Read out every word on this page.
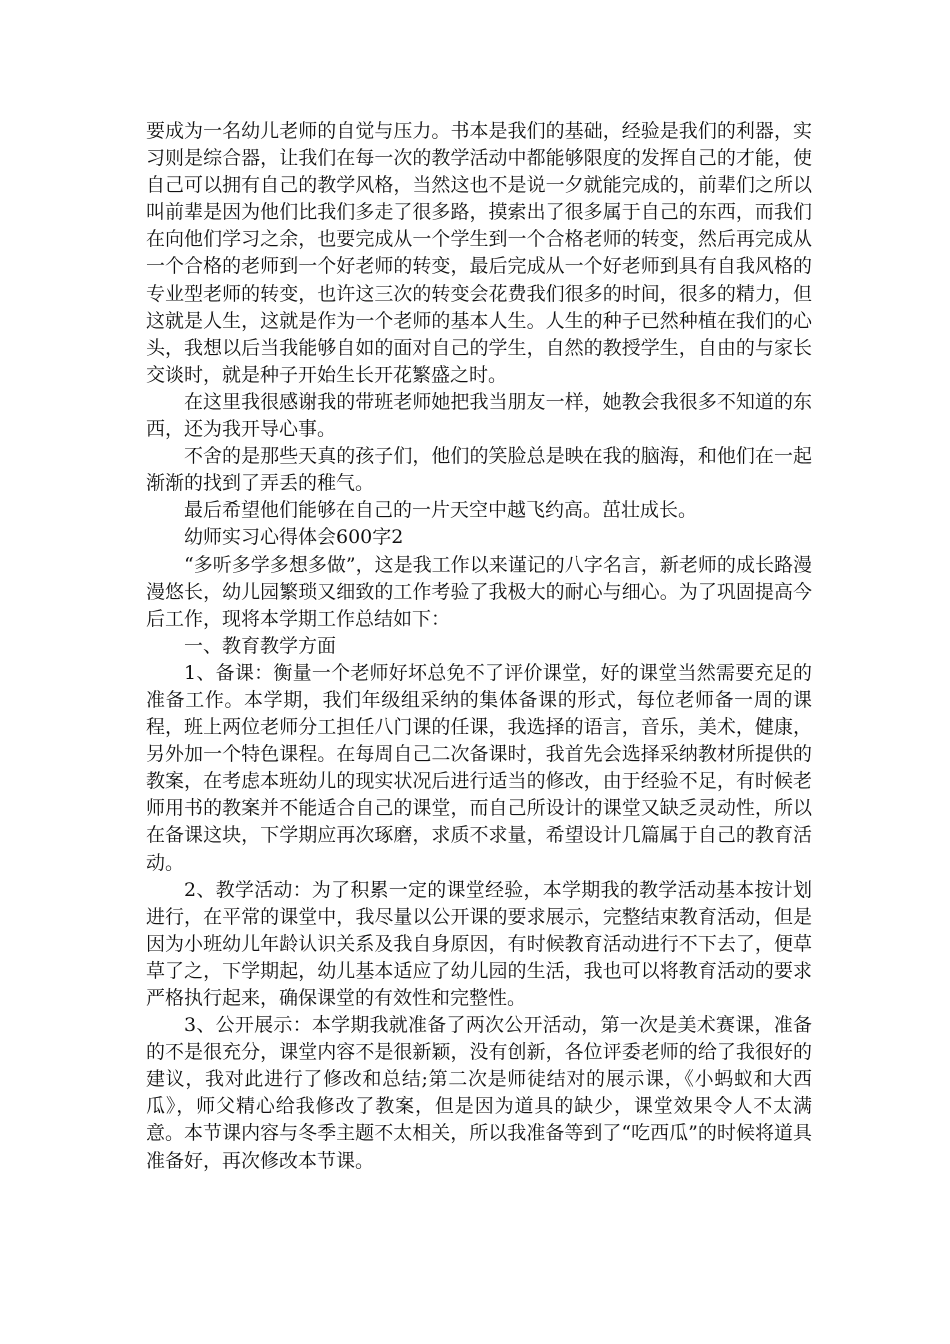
要成为一名幼儿老师的自觉与压力。书本是我们的基础，经验是我们的利器，实习则是综合器，让我们在每一次的教学活动中都能够限度的发挥自己的才能，使自己可以拥有自己的教学风格，当然这也不是说一夕就能完成的，前辈们之所以叫前辈是因为他们比我们多走了很多路，摸索出了很多属于自己的东西，而我们在向他们学习之余，也要完成从一个学生到一个合格老师的转变，然后再完成从一个合格的老师到一个好老师的转变，最后完成从一个好老师到具有自我风格的专业型老师的转变，也许这三次的转变会花费我们很多的时间，很多的精力，但这就是人生，这就是作为一个老师的基本人生。人生的种子已然种植在我们的心头，我想以后当我能够自如的面对自己的学生，自然的教授学生，自由的与家长交谈时，就是种子开始生长开花繁盛之时。

在这里我很感谢我的带班老师她把我当朋友一样，她教会我很多不知道的东西，还为我开导心事。

不舍的是那些天真的孩子们，他们的笑脸总是映在我的脑海，和他们在一起渐渐的找到了弄丢的稚气。

最后希望他们能够在自己的一片天空中越飞约高。茁壮成长。

幼师实习心得体会600字2

“多听多学多想多做”，这是我工作以来谨记的八字名言，新老师的成长路漫漫悠长，幼儿园繁琐又细致的工作考验了我极大的耐心与细心。为了巩固提高今后工作，现将本学期工作总结如下：

一、教育教学方面

1、备课：衡量一个老师好坏总免不了评价课堂，好的课堂当然需要充足的准备工作。本学期，我们年级组采纳的集体备课的形式，每位老师备一周的课程，班上两位老师分工担任八门课的任课，我选择的语言，音乐，美术，健康，另外加一个特色课程。在每周自己二次备课时，我首先会选择采纳教材所提供的教案，在考虑本班幼儿的现实状况后进行适当的修改，由于经验不足，有时候老师用书的教案并不能适合自己的课堂，而自己所设计的课堂又缺乏灵动性，所以在备课这块，下学期应再次琢磨，求质不求量，希望设计几篇属于自己的教育活动。

2、教学活动：为了积累一定的课堂经验，本学期我的教学活动基本按计划进行，在平常的课堂中，我尽量以公开课的要求展示，完整结束教育活动，但是因为小班幼儿年龄认识关系及我自身原因，有时候教育活动进行不下去了，便草草了之，下学期起，幼儿基本适应了幼儿园的生活，我也可以将教育活动的要求严格执行起来，确保课堂的有效性和完整性。

3、公开展示：本学期我就准备了两次公开活动，第一次是美术赛课，准备的不是很充分，课堂内容不是很新颖，没有创新，各位评委老师的给了我很好的建议，我对此进行了修改和总结;第二次是师徒结对的展示课，《小蚂蚁和大西瓜》，师父精心给我修改了教案，但是因为道具的缺少，课堂效果令人不太满意。本节课内容与冬季主题不太相关，所以我准备等到了“吃西瓜”的时候将道具准备好，再次修改本节课。
